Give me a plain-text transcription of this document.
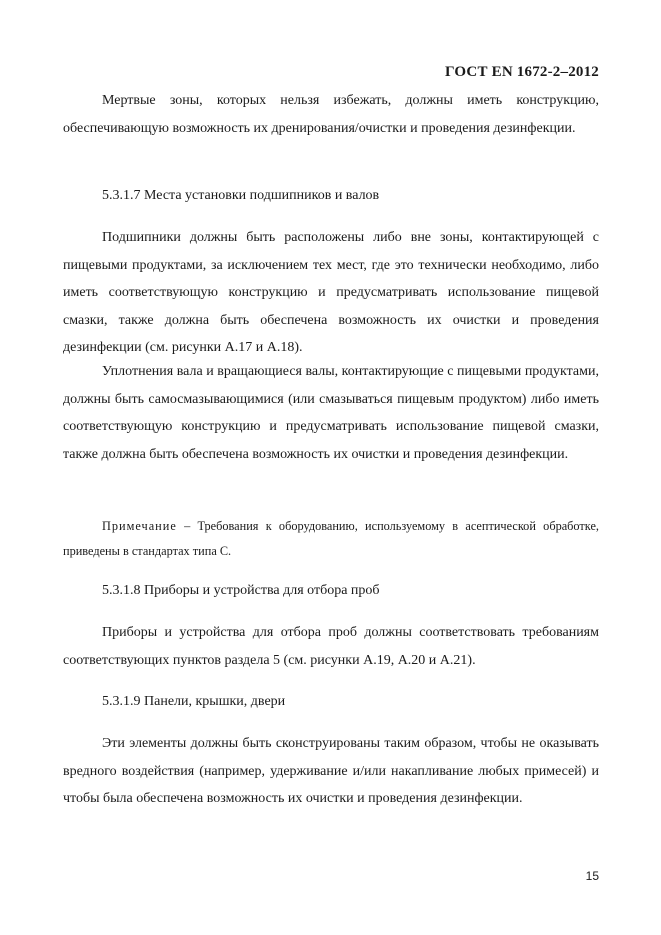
ГОСТ EN 1672-2–2012

Мертвые зоны, которых нельзя избежать, должны иметь конструкцию, обеспечивающую возможность их дренирования/очистки и проведения дезинфекции.

5.3.1.7 Места установки подшипников и валов

Подшипники должны быть расположены либо вне зоны, контактирующей с пищевыми продуктами, за исключением тех мест, где это технически необходимо, либо иметь соответствующую конструкцию и предусматривать использование пищевой смазки, также должна быть обеспечена возможность их очистки и проведения дезинфекции (см. рисунки А.17 и А.18).

Уплотнения вала и вращающиеся валы, контактирующие с пищевыми продуктами, должны быть самосмазывающимися (или смазываться пищевым продуктом) либо иметь соответствующую конструкцию и предусматривать использование пищевой смазки, также должна быть обеспечена возможность их очистки и проведения дезинфекции.

Примечание – Требования к оборудованию, используемому в асептической обработке, приведены в стандартах типа С.

5.3.1.8 Приборы и устройства для отбора проб

Приборы и устройства для отбора проб должны соответствовать требованиям соответствующих пунктов раздела 5 (см. рисунки А.19, А.20 и А.21).

5.3.1.9 Панели, крышки, двери

Эти элементы должны быть сконструированы таким образом, чтобы не оказывать вредного воздействия (например, удерживание и/или накапливание любых примесей) и чтобы была обеспечена возможность их очистки и проведения дезинфекции.

15
